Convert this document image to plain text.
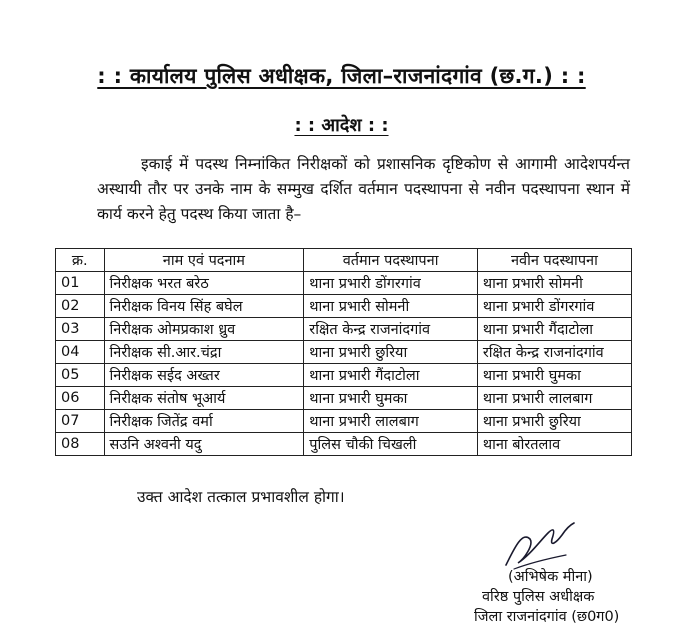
: : कार्यालय पुलिस अधीक्षक, जिला–राजनांदगांव (छ.ग.) : :
: : आदेश : :
इकाई में पदस्थ निम्नांकित निरीक्षकों को प्रशासनिक दृष्टिकोण से आगामी आदेशपर्यन्त अस्थायी तौर पर उनके नाम के सम्मुख दर्शित वर्तमान पदस्थापना से नवीन पदस्थापना स्थान में कार्य करने हेतु पदस्थ किया जाता है–
क्र.	नाम एवं पदनाम	वर्तमान पदस्थापना	नवीन पदस्थापना
01	निरीक्षक भरत बरेठ	थाना प्रभारी डोंगरगांव	थाना प्रभारी सोमनी
02	निरीक्षक विनय सिंह बघेल	थाना प्रभारी सोमनी	थाना प्रभारी डोंगरगांव
03	निरीक्षक ओमप्रकाश ध्रुव	रक्षित केन्द्र राजनांदगांव	थाना प्रभारी गैंदाटोला
04	निरीक्षक सी.आर.चंद्रा	थाना प्रभारी छुरिया	रक्षित केन्द्र राजनांदगांव
05	निरीक्षक सईद अख्तर	थाना प्रभारी गैंदाटोला	थाना प्रभारी घुमका
06	निरीक्षक संतोष भूआर्य	थाना प्रभारी घुमका	थाना प्रभारी लालबाग
07	निरीक्षक जितेंद्र वर्मा	थाना प्रभारी लालबाग	थाना प्रभारी छुरिया
08	सउनि अश्वनी यदु	पुलिस चौकी चिखली	थाना बोरतलाव
उक्त आदेश तत्काल प्रभावशील होगा।
(अभिषेक मीना)
वरिष्ठ पुलिस अधीक्षक
जिला राजनांदगांव (छ0ग0)
